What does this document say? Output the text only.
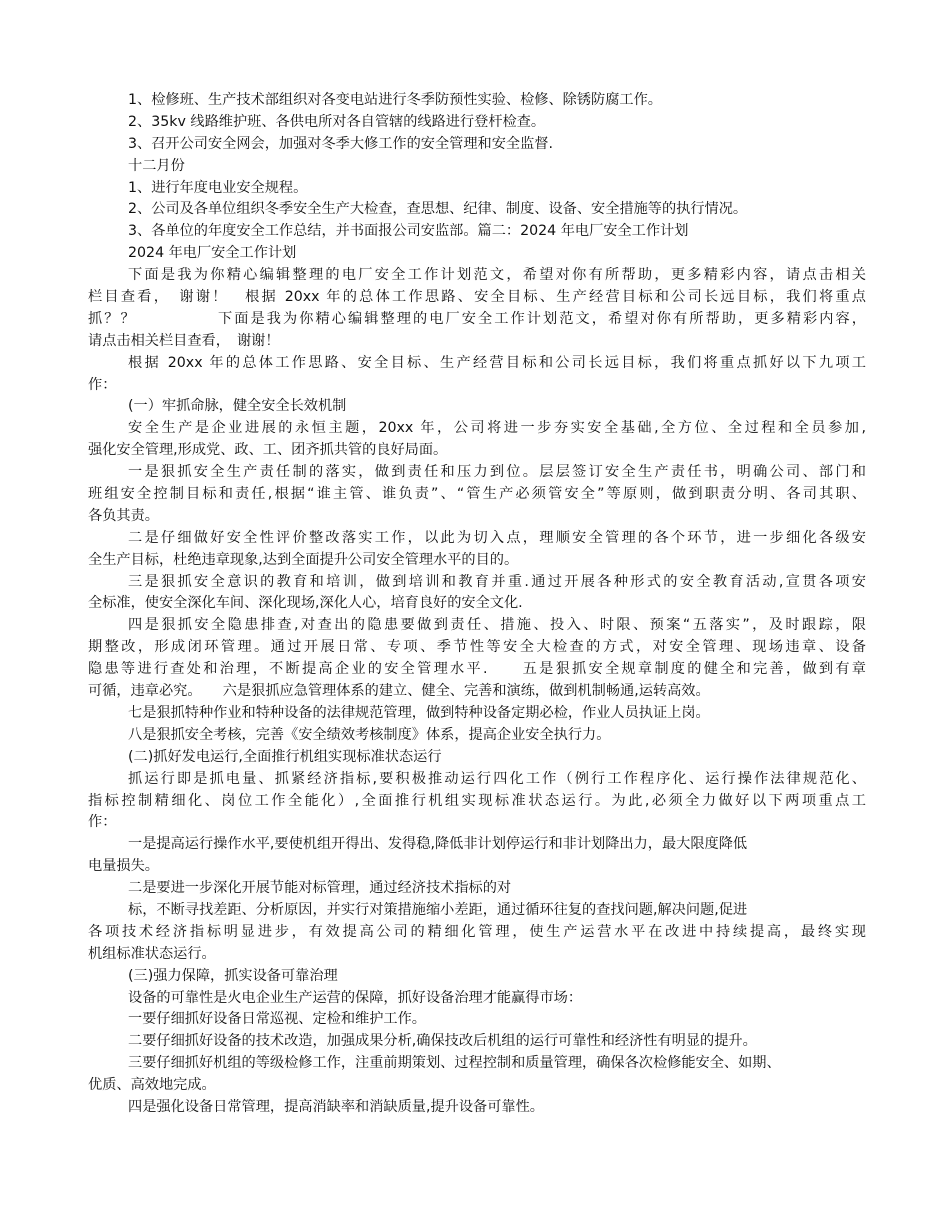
1、检修班、生产技术部组织对各变电站进行冬季防预性实验、检修、除锈防腐工作。
2、35kv 线路维护班、各供电所对各自管辖的线路进行登杆检查。
3、召开公司安全网会，加强对冬季大修工作的安全管理和安全监督.
十二月份
1、进行年度电业安全规程。
2、公司及各单位组织冬季安全生产大检查，查思想、纪律、制度、设备、安全措施等的执行情况。
3、各单位的年度安全工作总结，并书面报公司安监部。篇二：2024 年电厂安全工作计划
2024 年电厂安全工作计划
下面是我为你精心编辑整理的电厂安全工作计划范文，希望对你有所帮助，更多精彩内容，请点击相关
栏目查看，　谢谢！　根据 20xx 年的总体工作思路、安全目标、生产经营目标和公司长远目标，我们将重点
抓？？　　　　　下面是我为你精心编辑整理的电厂安全工作计划范文，希望对你有所帮助，更多精彩内容，
请点击相关栏目查看，　谢谢！
根据 20xx 年的总体工作思路、安全目标、生产经营目标和公司长远目标，我们将重点抓好以下九项工
作：
(一）牢抓命脉，健全安全长效机制
安全生产是企业进展的永恒主题，20xx 年，公司将进一步夯实安全基础,全方位、全过程和全员参加,
强化安全管理,形成党、政、工、团齐抓共管的良好局面。
一是狠抓安全生产责任制的落实，做到责任和压力到位。层层签订安全生产责任书，明确公司、部门和
班组安全控制目标和责任,根据“谁主管、谁负责”、“管生产必须管安全”等原则，做到职责分明、各司其职、
各负其责。
二是仔细做好安全性评价整改落实工作，以此为切入点，理顺安全管理的各个环节，进一步细化各级安
全生产目标，杜绝违章现象,达到全面提升公司安全管理水平的目的。
三是狠抓安全意识的教育和培训，做到培训和教育并重.通过开展各种形式的安全教育活动,宣贯各项安
全标准，使安全深化车间、深化现场,深化人心，培育良好的安全文化.
四是狠抓安全隐患排查,对查出的隐患要做到责任、措施、投入、时限、预案“五落实”，及时跟踪，限
期整改，形成闭环管理。通过开展日常、专项、季节性等安全大检查的方式，对安全管理、现场违章、设备
隐患等进行查处和治理，不断提高企业的安全管理水平.　　五是狠抓安全规章制度的健全和完善，做到有章
可循，违章必究。　　六是狠抓应急管理体系的建立、健全、完善和演练，做到机制畅通,运转高效。
七是狠抓特种作业和特种设备的法律规范管理，做到特种设备定期必检，作业人员执证上岗。
八是狠抓安全考核，完善《安全绩效考核制度》体系，提高企业安全执行力。
(二)抓好发电运行,全面推行机组实现标准状态运行
抓运行即是抓电量、抓紧经济指标,要积极推动运行四化工作（例行工作程序化、运行操作法律规范化、
指标控制精细化、岗位工作全能化）,全面推行机组实现标准状态运行。为此,必须全力做好以下两项重点工
作：
一是提高运行操作水平,要使机组开得出、发得稳,降低非计划停运行和非计划降出力，最大限度降低
电量损失。
二是要进一步深化开展节能对标管理，通过经济技术指标的对
标，不断寻找差距、分析原因，并实行对策措施缩小差距，通过循环往复的查找问题,解决问题,促进
各项技术经济指标明显进步，有效提高公司的精细化管理，使生产运营水平在改进中持续提高，最终实现
机组标准状态运行。
(三)强力保障，抓实设备可靠治理
设备的可靠性是火电企业生产运营的保障，抓好设备治理才能赢得市场：
一要仔细抓好设备日常巡视、定检和维护工作。
二要仔细抓好设备的技术改造，加强成果分析,确保技改后机组的运行可靠性和经济性有明显的提升。
三要仔细抓好机组的等级检修工作，注重前期策划、过程控制和质量管理，确保各次检修能安全、如期、
优质、高效地完成。
四是强化设备日常管理，提高消缺率和消缺质量,提升设备可靠性。
